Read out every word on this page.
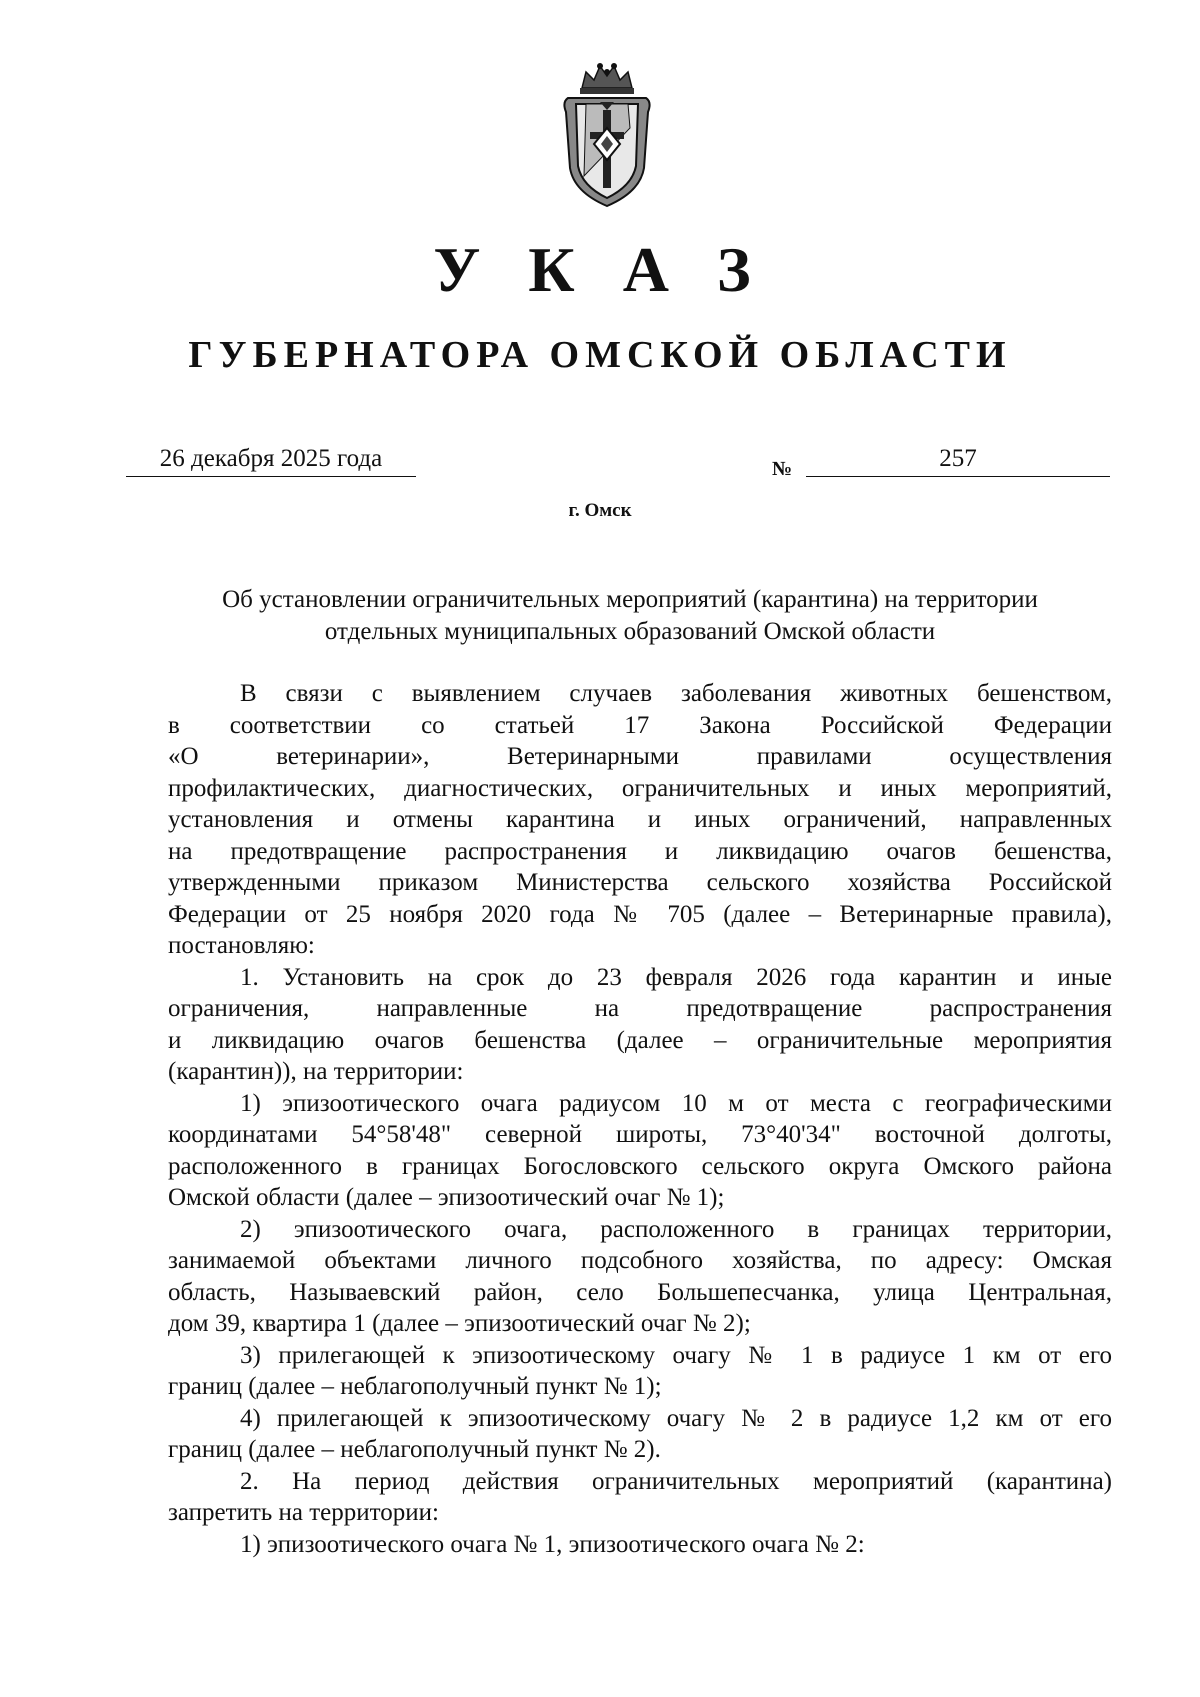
У К А З
ГУБЕРНАТОРА ОМСКОЙ ОБЛАСТИ
26 декабря 2025 года	№	257
г. Омск
Об установлении ограничительных мероприятий (карантина) на территории
отдельных муниципальных образований Омской области

В связи с выявлением случаев заболевания животных бешенством,

в соответствии со статьей 17 Закона Российской Федерации

«О ветеринарии», Ветеринарными правилами осуществления

профилактических, диагностических, ограничительных и иных мероприятий,

установления и отмены карантина и иных ограничений, направленных

на предотвращение распространения и ликвидацию очагов бешенства,

утвержденными приказом Министерства сельского хозяйства Российской

Федерации от 25 ноября 2020 года № 705 (далее – Ветеринарные правила),

постановляю:

1. Установить на срок до 23 февраля 2026 года карантин и иные

ограничения, направленные на предотвращение распространения

и ликвидацию очагов бешенства (далее – ограничительные мероприятия

(карантин)), на территории:

1) эпизоотического очага радиусом 10 м от места с географическими

координатами 54°58'48" северной широты, 73°40'34" восточной долготы,

расположенного в границах Богословского сельского округа Омского района

Омской области (далее – эпизоотический очаг № 1);

2) эпизоотического очага, расположенного в границах территории,

занимаемой объектами личного подсобного хозяйства, по адресу: Омская

область, Называевский район, село Большепесчанка, улица Центральная,

дом 39, квартира 1 (далее – эпизоотический очаг № 2);

3) прилегающей к эпизоотическому очагу № 1 в радиусе 1 км от его

границ (далее – неблагополучный пункт № 1);

4) прилегающей к эпизоотическому очагу № 2 в радиусе 1,2 км от его

границ (далее – неблагополучный пункт № 2).

2. На период действия ограничительных мероприятий (карантина)

запретить на территории:

1) эпизоотического очага № 1, эпизоотического очага № 2:
